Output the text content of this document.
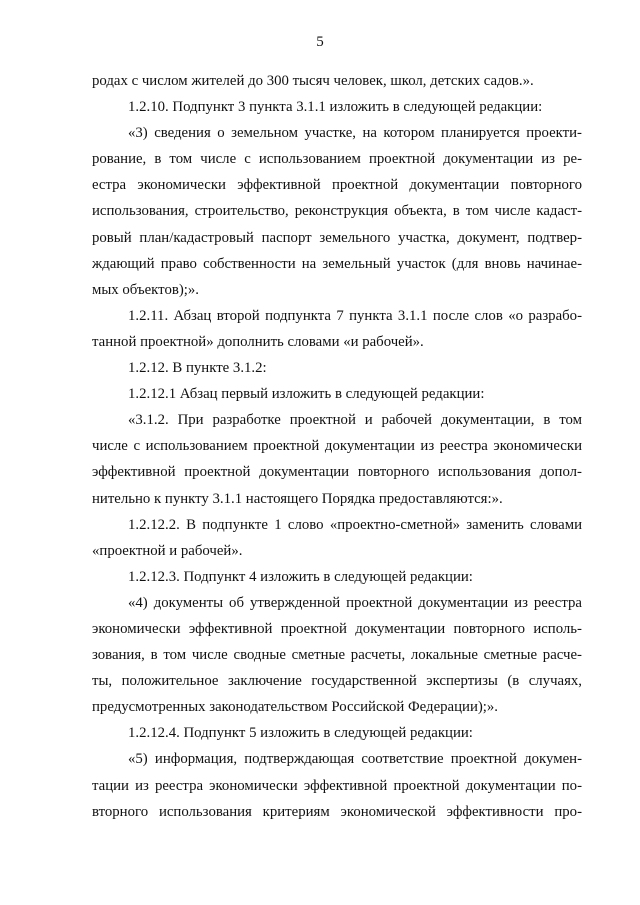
5
родах с числом жителей до 300 тысяч человек, школ, детских садов.».
1.2.10. Подпункт 3 пункта 3.1.1 изложить в следующей редакции:
«3) сведения о земельном участке, на котором планируется проекти-
рование, в том числе с использованием проектной документации из ре-
естра экономически эффективной проектной документации повторного
использования, строительство, реконструкция объекта, в том числе кадаст-
ровый план/кадастровый паспорт земельного участка, документ, подтвер-
ждающий право собственности на земельный участок (для вновь начинае-
мых объектов);».
1.2.11. Абзац второй подпункта 7 пункта 3.1.1 после слов «о разрабо-
танной проектной» дополнить словами «и рабочей».
1.2.12. В пункте 3.1.2:
1.2.12.1 Абзац первый изложить в следующей редакции:
«3.1.2. При разработке проектной и рабочей документации, в том
числе с использованием проектной документации из реестра экономически
эффективной проектной документации повторного использования допол-
нительно к пункту 3.1.1 настоящего Порядка предоставляются:».
1.2.12.2. В подпункте 1 слово «проектно-сметной» заменить словами
«проектной и рабочей».
1.2.12.3. Подпункт 4 изложить в следующей редакции:
«4) документы об утвержденной проектной документации из реестра
экономически эффективной проектной документации повторного исполь-
зования, в том числе сводные сметные расчеты, локальные сметные расче-
ты, положительное заключение государственной экспертизы (в случаях,
предусмотренных законодательством Российской Федерации);».
1.2.12.4. Подпункт 5 изложить в следующей редакции:
«5) информация, подтверждающая соответствие проектной докумен-
тации из реестра экономически эффективной проектной документации по-
вторного использования критериям экономической эффективности про-
